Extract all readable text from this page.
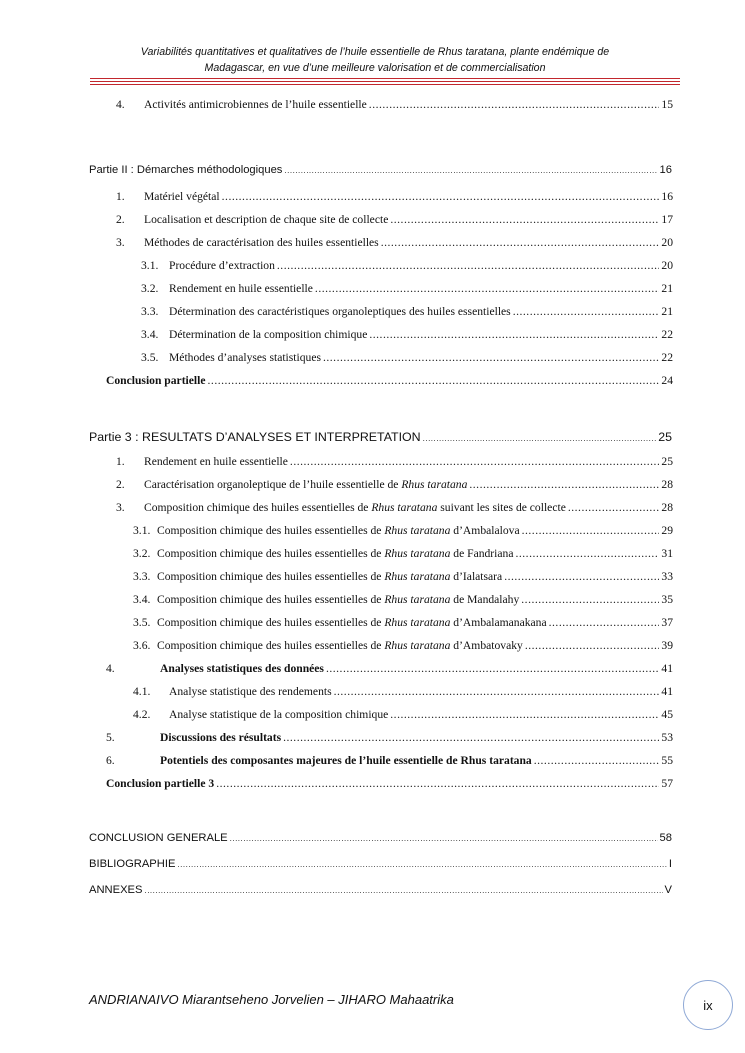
Variabilités quantitatives et qualitatives de l’huile essentielle de Rhus taratana, plante endémique de
Madagascar, en vue d’une meilleure valorisation et de commercialisation
4.	Activités antimicrobiennes de l’huile essentielle .....	15
Partie II : Démarches méthodologiques .....	16
1.	Matériel végétal .....	16
2.	Localisation et description de chaque site de collecte .....	17
3.	Méthodes de caractérisation des huiles essentielles .....	20
3.1. Procédure d’extraction .....	20
3.2. Rendement en huile essentielle .....	21
3.3. Détermination des caractéristiques organoleptiques des huiles essentielles .....	21
3.4. Détermination de la composition chimique .....	22
3.5. Méthodes d’analyses statistiques .....	22
Conclusion partielle .....	24
Partie 3 : RESULTATS D’ANALYSES ET INTERPRETATION .....	25
1.	Rendement en huile essentielle .....	25
2.	Caractérisation organoleptique de l’huile essentielle de Rhus taratana .....	28
3.	Composition chimique des huiles essentielles de Rhus taratana suivant les sites de collecte .....	28
3.1. Composition chimique des huiles essentielles de Rhus taratana d’Ambalalova .....	29
3.2. Composition chimique des huiles essentielles de Rhus taratana de Fandriana .....	31
3.3. Composition chimique des huiles essentielles de Rhus taratana d’Ialatsara .....	33
3.4. Composition chimique des huiles essentielles de Rhus taratana de Mandalahy .....	35
3.5. Composition chimique des huiles essentielles de Rhus taratana d’Ambalamanakana .....	37
3.6. Composition chimique des huiles essentielles de Rhus taratana d’Ambatovaky .....	39
4.	Analyses statistiques des données .....	41
4.1.	Analyse statistique des rendements .....	41
4.2.	Analyse statistique de la composition chimique .....	45
5.	Discussions des résultats .....	53
6.	Potentiels des composantes majeures de l’huile essentielle de Rhus taratana .....	55
Conclusion partielle 3 .....	57
CONCLUSION GENERALE .....	58
BIBLIOGRAPHIE .....	I
ANNEXES .....	V
ANDRIANAIVO Miarantseheno Jorvelien – JIHARO Mahaatrika	ix
